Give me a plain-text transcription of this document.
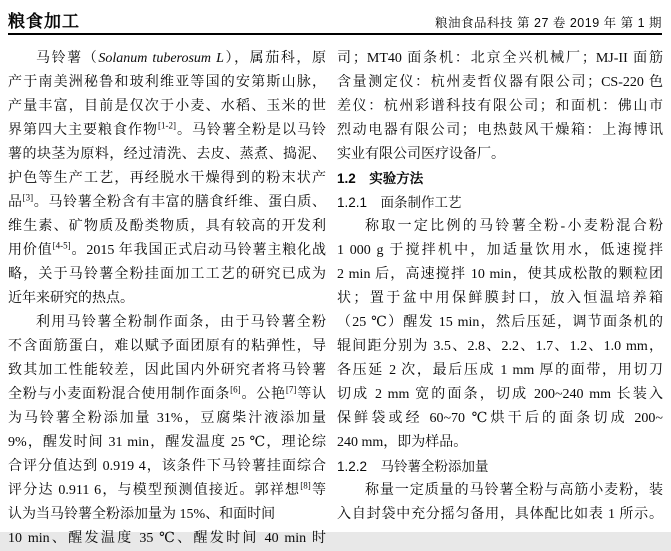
粮食加工	粮油食品科技 第 27 卷 2019 年 第 1 期
马铃薯（Solanum tuberosum L），属茄科，原
产于南美洲秘鲁和玻利维亚等国的安第斯山脉，
产量丰富，目前是仅次于小麦、水稻、玉米的世
界第四大主要粮食作物[1-2]。马铃薯全粉是以马铃
薯的块茎为原料，经过清洗、去皮、蒸煮、捣泥、
护色等生产工艺，再经脱水干燥得到的粉末状产
品[3]。马铃薯全粉含有丰富的膳食纤维、蛋白质、
维生素、矿物质及酚类物质，具有较高的开发利
用价值[4-5]。2015 年我国正式启动马铃薯主粮化战
略，关于马铃薯全粉挂面加工工艺的研究已成为
近年来研究的热点。
利用马铃薯全粉制作面条，由于马铃薯全粉
不含面筋蛋白，难以赋予面团原有的粘弹性，导
致其加工性能较差，因此国内外研究者将马铃薯
全粉与小麦面粉混合使用制作面条[6]。公艳[7]等认
为马铃薯全粉添加量 31%，豆腐柴汁液添加量
9%，醒发时间 31 min，醒发温度 25 ℃，理论综
合评分值达到 0.919 4，该条件下马铃薯挂面综合
评分达 0.911 6，与模型预测值接近。郭祥想[8]等
认为当马铃薯全粉添加量为 15%、和面时间
10 min、醒发温度 35 ℃、醒发时间 40 min 时
司；MT40 面条机：北京全兴机械厂；MJ-II 面筋
含量测定仪：杭州麦哲仪器有限公司；CS-220 色
差仪：杭州彩谱科技有限公司；和面机：佛山市
烈动电器有限公司；电热鼓风干燥箱：上海博讯
实业有限公司医疗设备厂。
1.2　实验方法
1.2.1　面条制作工艺
称取一定比例的马铃薯全粉-小麦粉混合粉
1 000 g 于搅拌机中，加适量饮用水，低速搅拌
2 min 后，高速搅拌 10 min，使其成松散的颗粒团
状；置于盆中用保鲜膜封口，放入恒温培养箱
（25 ℃）醒发 15 min，然后压延，调节面条机的
辊间距分别为 3.5、2.8、2.2、1.7、1.2、1.0 mm，
各压延 2 次，最后压成 1 mm 厚的面带，用切刀
切成 2 mm 宽的面条，切成 200~240 mm 长装入
保鲜袋或经 60~70 ℃烘干后的面条切成 200~
240 mm，即为样品。
1.2.2　马铃薯全粉添加量
称量一定质量的马铃薯全粉与高筋小麦粉，装
入自封袋中充分摇匀备用，具体配比如表 1 所示。
